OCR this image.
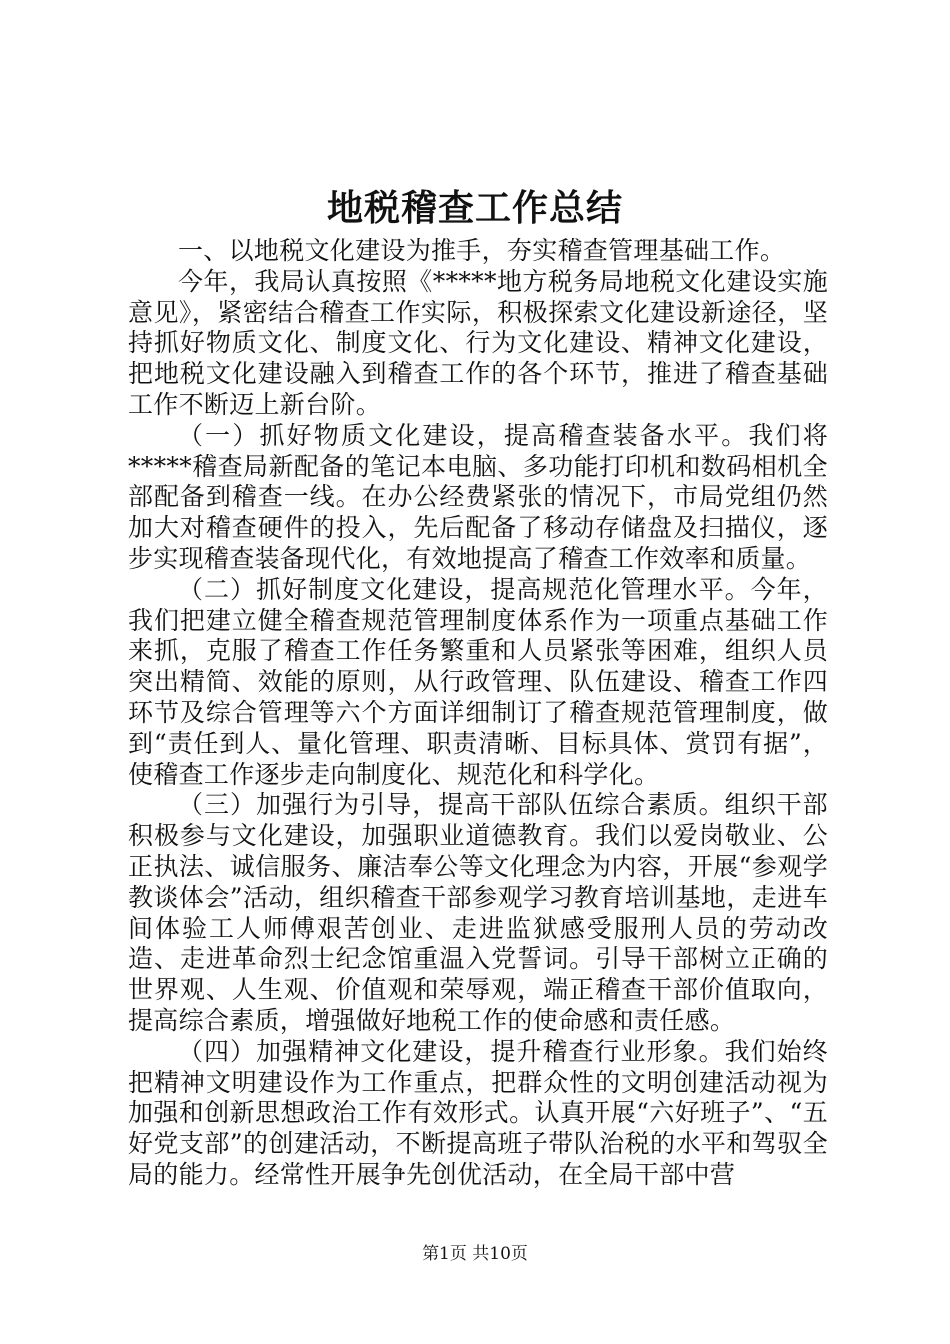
地税稽查工作总结

一、以地税文化建设为推手，夯实稽查管理基础工作。

今年，我局认真按照《*****地方税务局地税文化建设实施意见》，紧密结合稽查工作实际，积极探索文化建设新途径，坚持抓好物质文化、制度文化、行为文化建设、精神文化建设，把地税文化建设融入到稽查工作的各个环节，推进了稽查基础工作不断迈上新台阶。

（一）抓好物质文化建设，提高稽查装备水平。我们将*****稽查局新配备的笔记本电脑、多功能打印机和数码相机全部配备到稽查一线。在办公经费紧张的情况下，市局党组仍然加大对稽查硬件的投入，先后配备了移动存储盘及扫描仪，逐步实现稽查装备现代化，有效地提高了稽查工作效率和质量。

（二）抓好制度文化建设，提高规范化管理水平。今年，我们把建立健全稽查规范管理制度体系作为一项重点基础工作来抓，克服了稽查工作任务繁重和人员紧张等困难，组织人员突出精简、效能的原则，从行政管理、队伍建设、稽查工作四环节及综合管理等六个方面详细制订了稽查规范管理制度，做到“责任到人、量化管理、职责清晰、目标具体、赏罚有据”，使稽查工作逐步走向制度化、规范化和科学化。

（三）加强行为引导，提高干部队伍综合素质。组织干部积极参与文化建设，加强职业道德教育。我们以爱岗敬业、公正执法、诚信服务、廉洁奉公等文化理念为内容，开展“参观学教谈体会”活动，组织稽查干部参观学习教育培训基地，走进车间体验工人师傅艰苦创业、走进监狱感受服刑人员的劳动改造、走进革命烈士纪念馆重温入党誓词。引导干部树立正确的世界观、人生观、价值观和荣辱观，端正稽查干部价值取向，提高综合素质，增强做好地税工作的使命感和责任感。

（四）加强精神文化建设，提升稽查行业形象。我们始终把精神文明建设作为工作重点，把群众性的文明创建活动视为加强和创新思想政治工作有效形式。认真开展“六好班子”、“五好党支部”的创建活动，不断提高班子带队治税的水平和驾驭全局的能力。经常性开展争先创优活动，在全局干部中营

第1页 共10页
